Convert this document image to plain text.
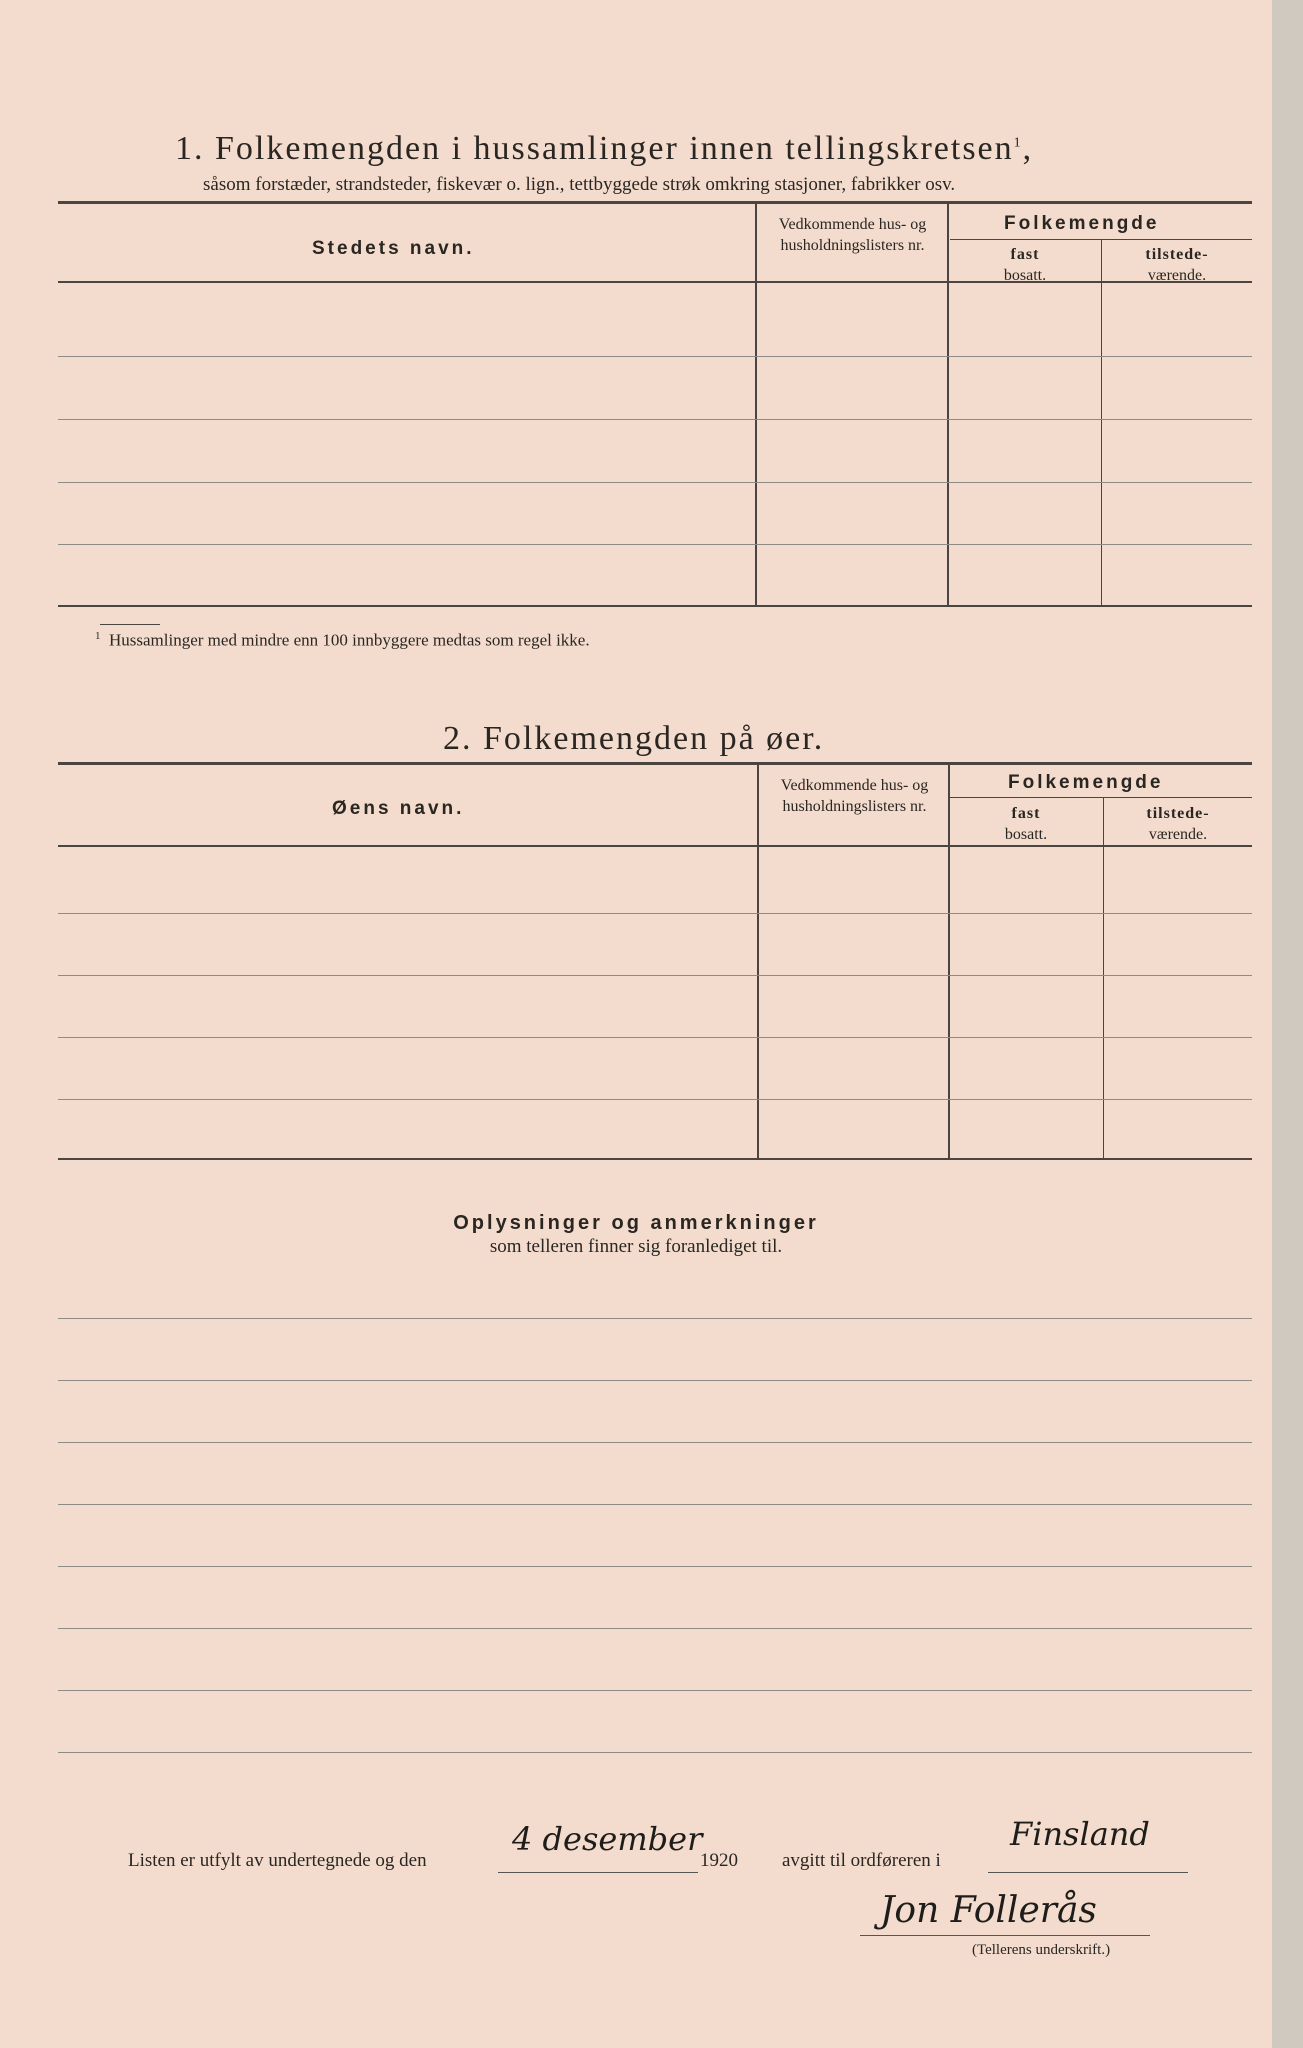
1. Folkemengden i hussamlinger innen tellingskretsen$^1$,
såsom forstæder, strandsteder, fiskevær o. lign., tettbyggede strøk omkring stasjoner, fabrikker osv.
Stedets navn.
Vedkommende hus- og husholdningslisters nr.
Folkemengde
fast
bosatt.
tilstede-
værende.
$^1$ Hussamlinger med mindre enn 100 innbyggere medtas som regel ikke.
2. Folkemengden på øer.
Øens navn.
Vedkommende hus- og husholdningslisters nr.
Folkemengde
fast
bosatt.
tilstede-
værende.
Oplysninger og anmerkninger
som telleren finner sig foranlediget til.
Listen er utfylt av undertegnede og den
4 desember
1920 avgitt til ordføreren i
Finsland
Jon Follerås
(Tellerens underskrift.)
